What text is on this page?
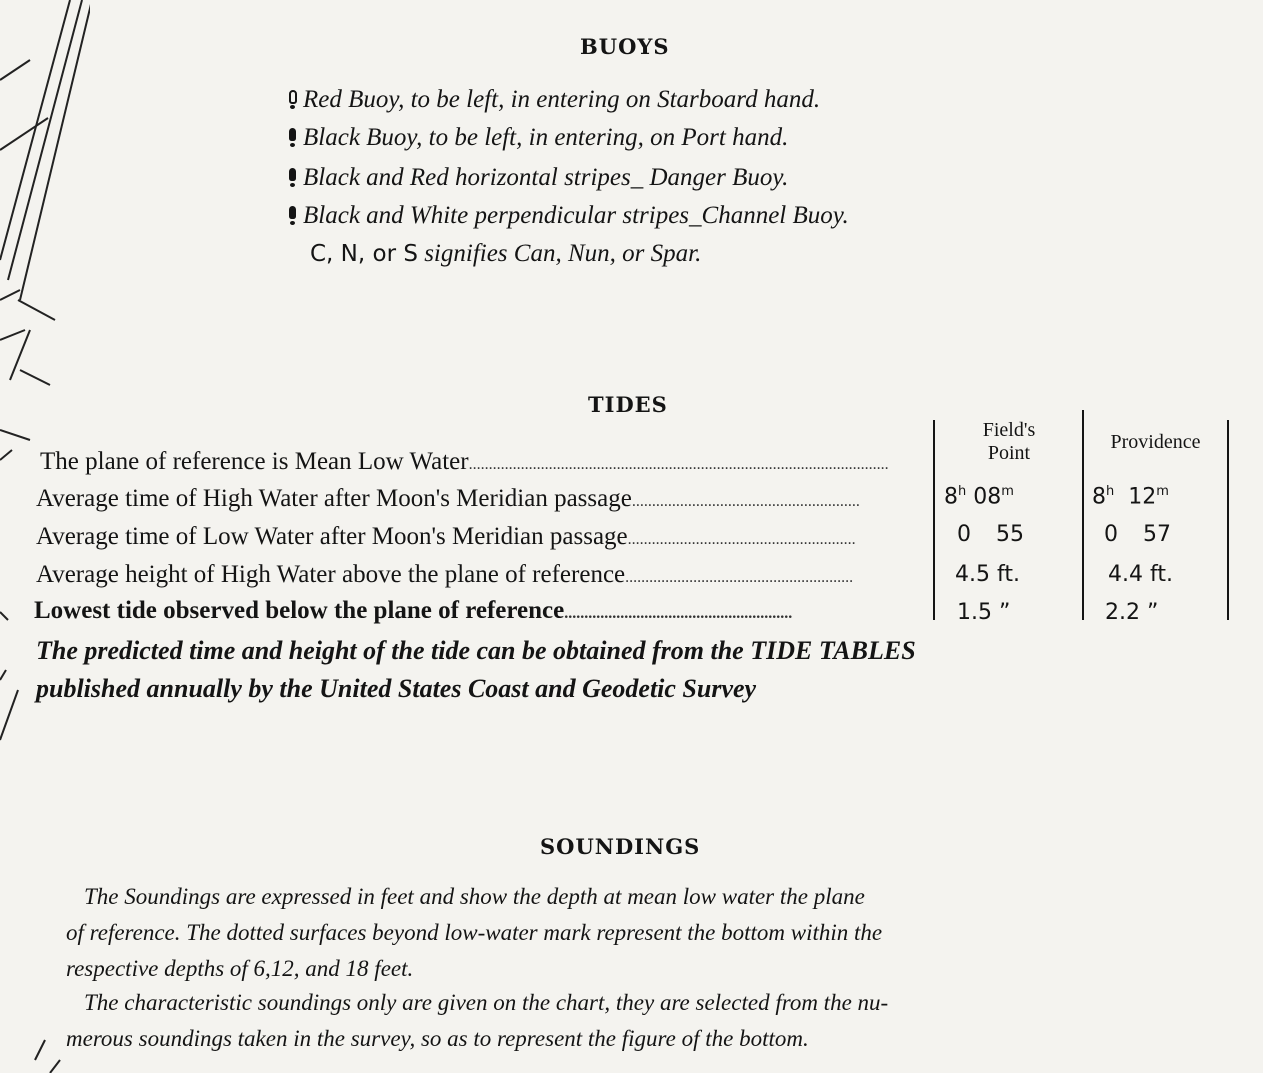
BUOYS
Red Buoy, to be left, in entering on Starboard hand.
Black Buoy, to be left, in entering, on Port hand.
Black and Red horizontal stripes_ Danger Buoy.
Black and White perpendicular stripes_Channel Buoy.
C, N, or S signifies Can, Nun, or Spar.
TIDES
Field's
Point	Providence
The plane of reference is Mean Low Water.........................................................................................................
Average time of High Water after Moon's Meridian passage.........................................................	8$^h$ 08$^m$	8$^h$  12$^m$
Average time of Low Water after Moon's Meridian passage.........................................................	0 55	0 57
Average height of High Water above the plane of reference.........................................................	4.5 ft.	4.4 ft.
Lowest tide observed below the plane of reference.........................................................	1.5 ”	2.2 ”
The predicted time and height of the tide can be obtained from the TIDE TABLES
published annually by the United States Coast and Geodetic Survey
SOUNDINGS
The Soundings are expressed in feet and show the depth at mean low water the plane
of reference. The dotted surfaces beyond low-water mark represent the bottom within the
respective depths of 6,12, and 18 feet.
The characteristic soundings only are given on the chart, they are selected from the nu-
merous soundings taken in the survey, so as to represent the figure of the bottom.
